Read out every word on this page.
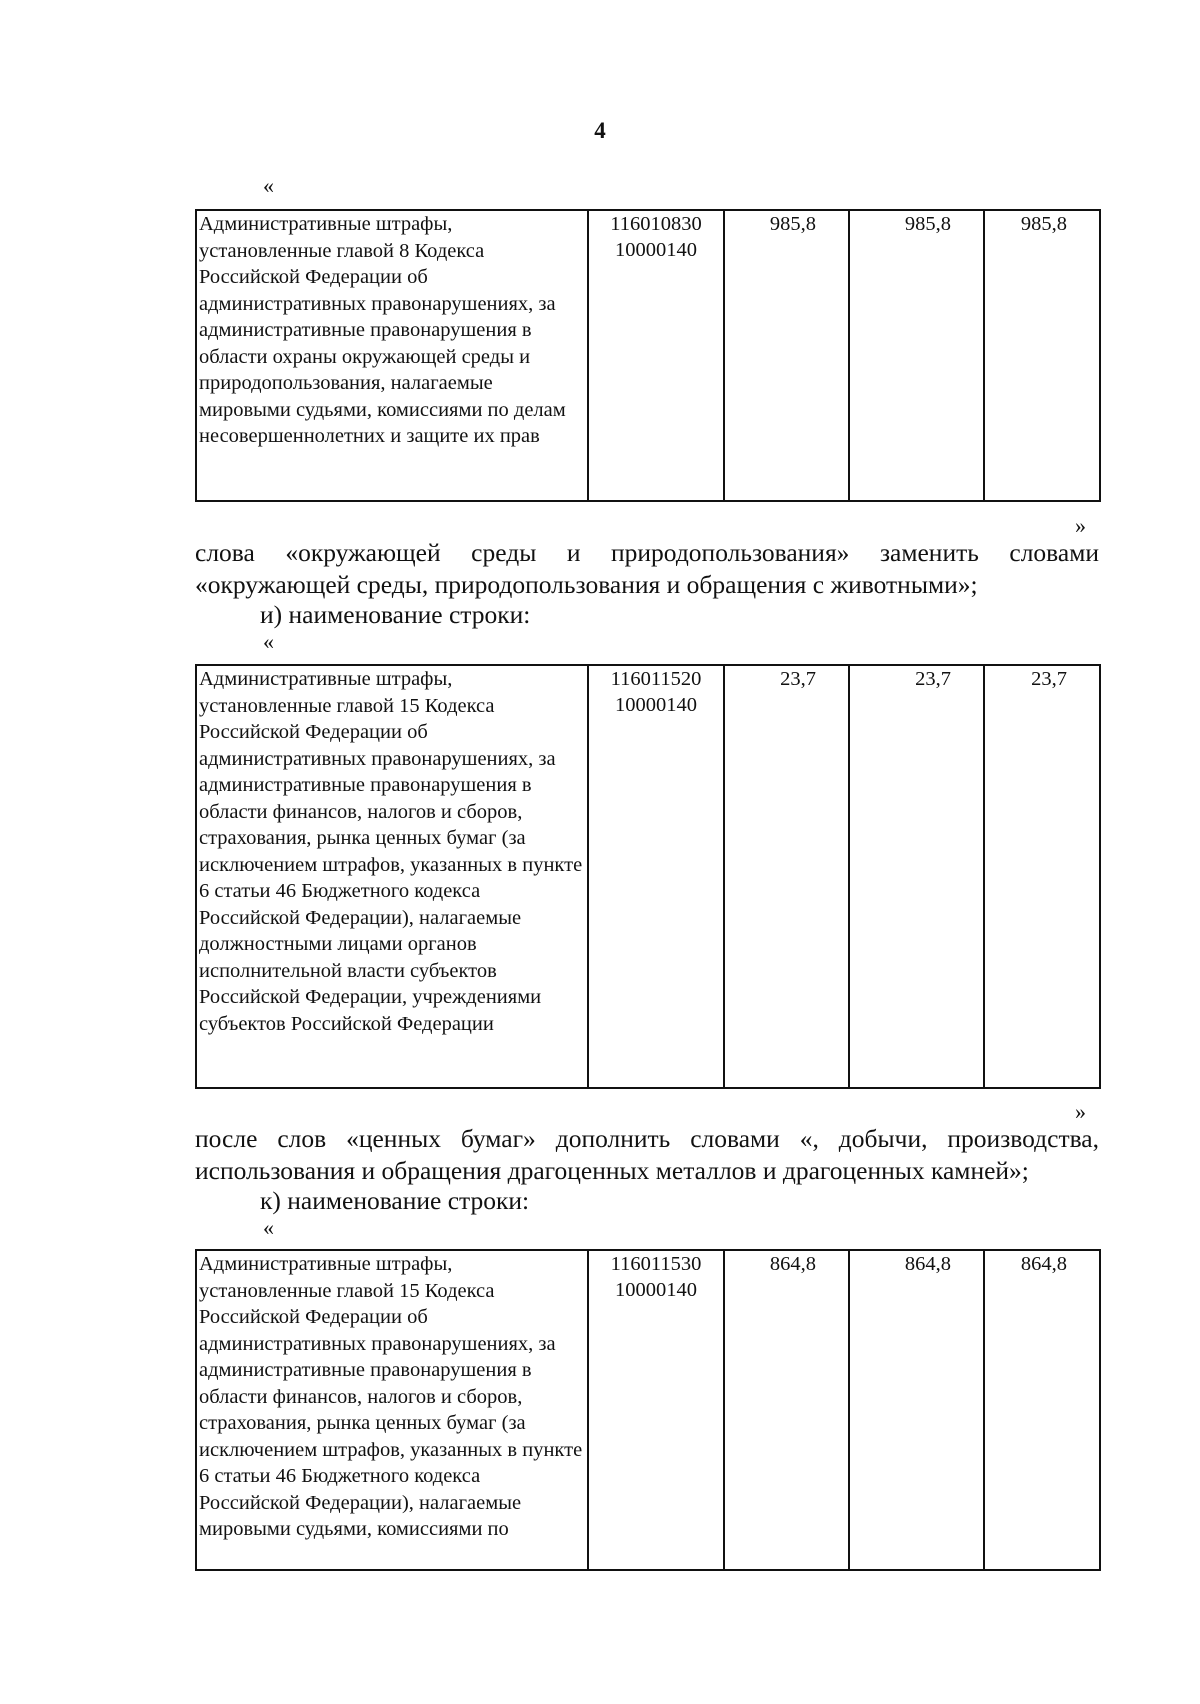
4
«
Административные штрафы, установленные главой 8 Кодекса Российской Федерации об административных правонарушениях, за административные правонарушения в области охраны окружающей среды и природопользования, налагаемые мировыми судьями, комиссиями по делам несовершеннолетних и защите их прав	116010830 10000140	985,8	985,8	985,8
»
слова «окружающей среды и природопользования» заменить словами
«окружающей среды, природопользования и обращения с животными»;
и) наименование строки:
«
Административные штрафы, установленные главой 15 Кодекса Российской Федерации об административных правонарушениях, за административные правонарушения в области финансов, налогов и сборов, страхования, рынка ценных бумаг (за исключением штрафов, указанных в пункте 6 статьи 46 Бюджетного кодекса Российской Федерации), налагаемые должностными лицами органов исполнительной власти субъектов Российской Федерации, учреждениями субъектов Российской Федерации	116011520 10000140	23,7	23,7	23,7
»
после слов «ценных бумаг» дополнить словами «, добычи, производства,
использования и обращения драгоценных металлов и драгоценных камней»;
к) наименование строки:
«
Административные штрафы, установленные главой 15 Кодекса Российской Федерации об административных правонарушениях, за административные правонарушения в области финансов, налогов и сборов, страхования, рынка ценных бумаг (за исключением штрафов, указанных в пункте 6 статьи 46 Бюджетного кодекса Российской Федерации), налагаемые мировыми судьями, комиссиями по	116011530 10000140	864,8	864,8	864,8
